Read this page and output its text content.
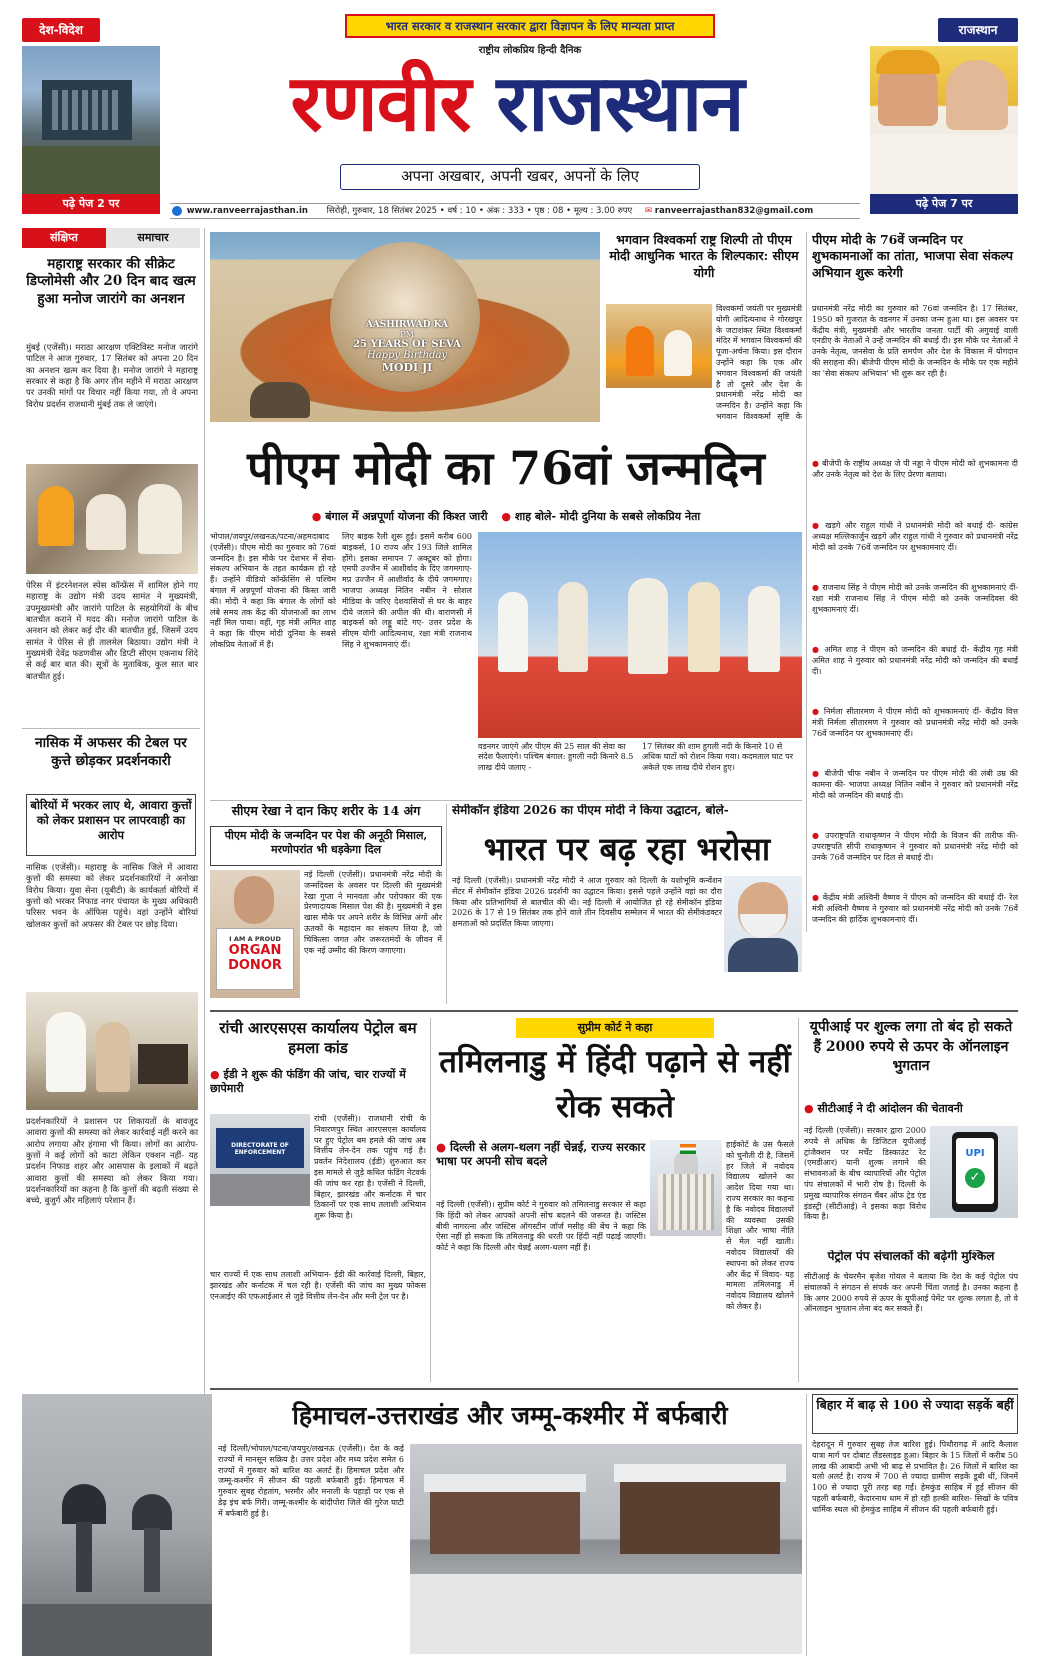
देश-विदेश
पढ़े पेज 2 पर
राजस्थान
पढ़े पेज 7 पर
भारत सरकार व राजस्थान सरकार द्वारा विज्ञापन के लिए मान्यता प्राप्त
राष्ट्रीय लोकप्रिय हिन्दी दैनिक
रणवीर राजस्थान
अपना अखबार, अपनी खबर, अपनों के लिए
www.ranveerrajasthan.in सिरोही, गुरुवार, 18 सितंबर 2025 • वर्ष : 10 • अंक : 333 • पृष्ठ : 08 • मूल्य : 3.00 रुपए ✉ ranveerrajasthan832@gmail.com
संक्षिप्त	समाचार
महाराष्ट्र सरकार की सीक्रेट डिप्लोमेसी और 20 दिन बाद खत्म हुआ मनोज जारांगे का अनशन
मुंबई (एजेंसी)। मराठा आरक्षण एक्टिविस्ट मनोज जारांगे पाटिल ने आज गुरुवार, 17 सितंबर को अपना 20 दिन का अनशन खत्म कर दिया है। मनोज जारांगे ने महाराष्ट्र सरकार से कहा है कि अगर तीन महीने में मराठा आरक्षण पर उनकी मांगों पर विचार नहीं किया गया, तो वे अपना विरोध प्रदर्शन राजधानी मुंबई तक ले जाएंगे।
पेरिस में इंटरनेशनल स्पेस कॉन्फ्रेंस में शामिल होने गए महाराष्ट्र के उद्योग मंत्री उदय सामंत ने मुख्यमंत्री, उपमुख्यमंत्री और जारांगे पाटिल के सहयोगियों के बीच बातचीत कराने में मदद की। मनोज जारांगे पाटिल के अनशन को लेकर कई दौर की बातचीत हुई, जिसमें उदय सामंत ने पेरिस से ही तालमेल बिठाया। उद्योग मंत्री ने मुख्यमंत्री देवेंद्र फडणवीस और डिप्टी सीएम एकनाथ शिंदे से कई बार बात की। सूत्रों के मुताबिक, कुल सात बार बातचीत हुई।
नासिक में अफसर की टेबल पर कुत्ते छोड़कर प्रदर्शनकारी
बोरियों में भरकर लाए थे, आवारा कुत्तों को लेकर प्रशासन पर लापरवाही का आरोप
नासिक (एजेंसी)। महाराष्ट्र के नासिक जिले में आवारा कुत्तों की समस्या को लेकर प्रदर्शनकारियों ने अनोखा विरोध किया। युवा सेना (यूबीटी) के कार्यकर्ता बोरियों में कुत्तों को भरकर निफाड नगर पंचायत के मुख्य अधिकारी परिसर भवन के ऑफिस पहुंचे। वहां उन्होंने बोरियां खोलकर कुत्तों को अफसर की टेबल पर छोड़ दिया।
प्रदर्शनकारियों ने प्रशासन पर शिकायतों के बावजूद आवारा कुत्तों की समस्या को लेकर कार्रवाई नहीं करने का आरोप लगाया और हंगामा भी किया। लोगों का आरोप- कुत्तों ने कई लोगों को काटा लेकिन एक्शन नहीं- यह प्रदर्शन निफाड शहर और आसपास के इलाकों में बढ़ते आवारा कुत्तों की समस्या को लेकर किया गया। प्रदर्शनकारियों का कहना है कि कुत्तों की बढ़ती संख्या से बच्चे, बुजुर्ग और महिलाएं परेशान हैं।
AASHIRWAD KA
PM
25 YEARS OF SEVA
Happy Birthday
MODI JI
भगवान विश्वकर्मा राष्ट्र शिल्पी तो पीएम मोदी आधुनिक भारत के शिल्पकार: सीएम योगी
विश्वकर्मा जयंती पर मुख्यमंत्री योगी आदित्यनाथ ने गोरखपुर के जटाशंकर स्थित विश्वकर्मा मंदिर में भगवान विश्वकर्मा की पूजा-अर्चना किया। इस दौरान उन्होंने कहा कि एक और भगवान विश्वकर्मा की जयंती है तो दूसरे और देश के प्रधानमंत्री नरेंद्र मोदी का जन्मदिन है। उन्होंने कहा कि भगवान विश्वकर्मा सृष्टि के
पीएम मोदी का 76वां जन्मदिन
● बंगाल में अन्नपूर्णा योजना की किश्त जारी ● शाह बोले- मोदी दुनिया के सबसे लोकप्रिय नेता
भोपाल/जयपुर/लखनऊ/पटना/अहमदाबाद (एजेंसी)। पीएम मोदी का गुरुवार को 76वां जन्मदिन है। इस मौके पर देशभर में सेवा-संकल्प अभियान के तहत कार्यक्रम हो रहे हैं। उन्होंने वीडियो कॉन्फ्रेंसिंग से पश्चिम बंगाल में अन्नपूर्णा योजना की किस्त जारी की। मोदी ने कहा कि बंगाल के लोगों को लंबे समय तक केंद्र की योजनाओं का लाभ नहीं मिल पाया। वहीं, गृह मंत्री अमित शाह ने कहा कि पीएम मोदी दुनिया के सबसे लोकप्रिय नेताओं में हैं।
लिए बाइक रैली शुरू हुई। इसमें करीब 600 बाइकर्स, 10 राज्य और 193 जिले शामिल होंगे। इसका समापन 7 अक्टूबर को होगा। एमपी उज्जैन में आशीर्वाद के दिए जगमगाए- मप्र उज्जैन में आशीर्वाद के दीये जगमगाए। भाजपा अध्यक्ष नितिन नबीन ने सोशल मीडिया के जरिए देशवासियों से घर के बाहर दीये जलाने की अपील की थी। वाराणसी में बाइकर्स को लड्डू बांटे गए- उत्तर प्रदेश के सीएम योगी आदित्यनाथ, रक्षा मंत्री राजनाथ सिंह ने शुभकामनाएं दीं।
वडनगर जाएंगे और पीएम की 25 साल की सेवा का संदेश फैलाएंगे। पश्चिम बंगाल: हुगली नदी किनारे 8.5 लाख दीये जलाए -
17 सितंबर की शाम हुगली नदी के किनारे 10 से अधिक घाटों को रोशन किया गया। कदमताल घाट पर अकेले एक लाख दीये रोशन हुए।
सीएम रेखा ने दान किए शरीर के 14 अंग
पीएम मोदी के जन्मदिन पर पेश की अनूठी मिसाल, मरणोपरांत भी धड़केगा दिल
I AM A PROUD
ORGAN
DONOR
नई दिल्ली (एजेंसी)। प्रधानमंत्री नरेंद्र मोदी के जन्मदिवस के अवसर पर दिल्ली की मुख्यमंत्री रेखा गुप्ता ने मानवता और परोपकार की एक प्रेरणादायक मिसाल पेश की है। मुख्यमंत्री ने इस खास मौके पर अपने शरीर के विभिन्न अंगों और ऊतकों के महादान का संकल्प लिया है, जो चिकित्सा जगत और जरूरतमंदों के जीवन में एक नई उम्मीद की किरण जगाएगा।
सेमीकॉन इंडिया 2026 का पीएम मोदी ने किया उद्घाटन, बोले-
भारत पर बढ़ रहा भरोसा
नई दिल्ली (एजेंसी)। प्रधानमंत्री नरेंद्र मोदी ने आज गुरुवार को दिल्ली के यशोभूमि कन्वेंशन सेंटर में सेमीकॉन इंडिया 2026 प्रदर्शनी का उद्घाटन किया। इससे पहले उन्होंने वहां का दौरा किया और प्रतिभागियों से बातचीत की थी। नई दिल्ली में आयोजित हो रहे सेमीकॉन इंडिया 2026 के 17 से 19 सितंबर तक होने वाले तीन दिवसीय सम्मेलन में भारत की सेमीकंडक्टर क्षमताओं को प्रदर्शित किया जाएगा।
पीएम मोदी के 76वें जन्मदिन पर शुभकामनाओं का तांता, भाजपा सेवा संकल्प अभियान शुरू करेगी
प्रधानमंत्री नरेंद्र मोदी का गुरुवार को 76वां जन्मदिन है। 17 सितंबर, 1950 को गुजरात के वडनगर में उनका जन्म हुआ था। इस अवसर पर केंद्रीय मंत्री, मुख्यमंत्री और भारतीय जनता पार्टी की अगुवाई वाली एनडीए के नेताओं ने उन्हें जन्मदिन की बधाई दी। इस मौके पर नेताओं ने उनके नेतृत्व, जनसेवा के प्रति समर्पण और देश के विकास में योगदान की सराहना की। बीजेपी पीएम मोदी के जन्मदिन के मौके पर एक महीने का 'सेवा संकल्प अभियान' भी शुरू कर रही है।
● बीजेपी के राष्ट्रीय अध्यक्ष जे पी नड्डा ने पीएम मोदी को शुभकामना दी और उनके नेतृत्व को देश के लिए प्रेरणा बताया।
● खड़गे और राहुल गांधी ने प्रधानमंत्री मोदी को बधाई दी- कांग्रेस अध्यक्ष मल्लिकार्जुन खड़गे और राहुल गांधी ने गुरुवार को प्रधानमंत्री नरेंद्र मोदी को उनके 76वें जन्मदिन पर शुभकामनाएं दीं।
● राजनाथ सिंह ने पीएम मोदी को उनके जन्मदिन की शुभकामनाएं दीं- रक्षा मंत्री राजनाथ सिंह ने पीएम मोदी को उनके जन्मदिवस की शुभकामनाएं दीं।
● अमित शाह ने पीएम को जन्मदिन की बधाई दी- केंद्रीय गृह मंत्री अमित शाह ने गुरुवार को प्रधानमंत्री नरेंद्र मोदी को जन्मदिन की बधाई दी।
● निर्मला सीतारमण ने पीएम मोदी को शुभकामनाएं दीं- केंद्रीय वित्त मंत्री निर्मला सीतारमण ने गुरुवार को प्रधानमंत्री नरेंद्र मोदी को उनके 76वें जन्मदिन पर शुभकामनाएं दीं।
● बीजेपी चीफ नबीन ने जन्मदिन पर पीएम मोदी की लंबी उम्र की कामना की- भाजपा अध्यक्ष नितिन नबीन ने गुरुवार को प्रधानमंत्री नरेंद्र मोदी को जन्मदिन की बधाई दी।
● उपराष्ट्रपति राधाकृष्णन ने पीएम मोदी के विजन की तारीफ की- उपराष्ट्रपति सीपी राधाकृष्णन ने गुरुवार को प्रधानमंत्री नरेंद्र मोदी को उनके 76वें जन्मदिन पर दिल से बधाई दी।
● केंद्रीय मंत्री अश्विनी वैष्णव ने पीएम को जन्मदिन की बधाई दी- रेल मंत्री अश्विनी वैष्णव ने गुरुवार को प्रधानमंत्री नरेंद्र मोदी को उनके 76वें जन्मदिन की हार्दिक शुभकामनाएं दीं।
रांची आरएसएस कार्यालय पेट्रोल बम हमला कांड
● ईडी ने शुरू की फंडिंग की जांच, चार राज्यों में छापेमारी
DIRECTORATE OF ENFORCEMENT
रांची (एजेंसी)। राजधानी रांची के निवारणपुर स्थित आरएसएस कार्यालय पर हुए पेट्रोल बम हमले की जांच अब वित्तीय लेन-देन तक पहुंच गई है। प्रवर्तन निदेशालय (ईडी) शुरुआत कर इस मामले से जुड़े कथित फंडिंग नेटवर्क की जांच कर रहा है। एजेंसी ने दिल्ली, बिहार, झारखंड और कर्नाटक में चार ठिकानों पर एक साथ तलाशी अभियान शुरू किया है।
चार राज्यों में एक साथ तलाशी अभियान- ईडी की कार्रवाई दिल्ली, बिहार, झारखंड और कर्नाटक में चल रही है। एजेंसी की जांच का मुख्य फोकस एनआईए की एफआईआर से जुड़े वित्तीय लेन-देन और मनी ट्रेल पर है।
सुप्रीम कोर्ट ने कहा
तमिलनाडु में हिंदी पढ़ाने से नहीं रोक सकते
● दिल्ली से अलग-थलग नहीं चेन्नई, राज्य सरकार भाषा पर अपनी सोच बदले
नई दिल्ली (एजेंसी)। सुप्रीम कोर्ट ने गुरुवार को तमिलनाडु सरकार से कहा कि हिंदी को लेकर आपको अपनी सोच बदलने की जरूरत है। जस्टिस बीवी नागरत्ना और जस्टिस ऑगस्टीन जॉर्ज मसीह की बेंच ने कहा कि ऐसा नहीं हो सकता कि तमिलनाडु की धरती पर हिंदी नहीं पढ़ाई जाएगी। कोर्ट ने कहा कि दिल्ली और चेन्नई अलग-थलग नहीं हैं।
हाईकोर्ट के उस फैसले को चुनौती दी है, जिसमें हर जिले में नवोदय विद्यालय खोलने का आदेश दिया गया था। राज्य सरकार का कहना है कि नवोदय विद्यालयों की व्यवस्था उसकी शिक्षा और भाषा नीति से मेल नहीं खाती। नवोदय विद्यालयों की स्थापना को लेकर राज्य और केंद्र में विवाद- यह मामला तमिलनाडु में नवोदय विद्यालय खोलने को लेकर है।
यूपीआई पर शुल्क लगा तो बंद हो सकते हैं 2000 रुपये से ऊपर के ऑनलाइन भुगतान
● सीटीआई ने दी आंदोलन की चेतावनी
UPI
✓
नई दिल्ली (एजेंसी)। सरकार द्वारा 2000 रुपये से अधिक के डिजिटल यूपीआई ट्रांजैक्शन पर मर्चेंट डिस्काउंट रेट (एमडीआर) यानी शुल्क लगाने की संभावनाओं के बीच व्यापारियों और पेट्रोल पंप संचालकों में भारी रोष है। दिल्ली के प्रमुख व्यापारिक संगठन चैंबर ऑफ ट्रेड एंड इंडस्ट्री (सीटीआई) ने इसका कड़ा विरोध किया है।
पेट्रोल पंप संचालकों की बढ़ेगी मुश्किल
सीटीआई के चेयरमैन बृजेश गोयल ने बताया कि देश के कई पेट्रोल पंप संचालकों ने संगठन से संपर्क कर अपनी चिंता जताई है। उनका कहना है कि अगर 2000 रुपये से ऊपर के यूपीआई पेमेंट पर शुल्क लगता है, तो वे ऑनलाइन भुगतान लेना बंद कर सकते हैं।
हिमाचल-उत्तराखंड और जम्मू-कश्मीर में बर्फबारी
नई दिल्ली/भोपाल/पटना/जयपुर/लखनऊ (एजेंसी)। देश के कई राज्यों में मानसून सक्रिय है। उत्तर प्रदेश और मध्य प्रदेश समेत 6 राज्यों में गुरुवार को बारिश का अलर्ट है। हिमाचल प्रदेश और जम्मू-कश्मीर में सीजन की पहली बर्फबारी हुई। हिमाचल में गुरुवार सुबह रोहतांग, भरमौर और मनाली के पहाड़ों पर एक से डेढ़ इंच बर्फ गिरी। जम्मू-कश्मीर के बांदीपोरा जिले की गुरेज घाटी में बर्फबारी हुई है।
बिहार में बाढ़ से 100 से ज्यादा सड़कें बहीं
देहरादून में गुरुवार सुबह तेज बारिश हुई। पिथौरागढ़ में आदि कैलाश यात्रा मार्ग पर दोबाट लैंडस्लाइड हुआ। बिहार के 15 जिलों में करीब 50 लाख की आबादी अभी भी बाढ़ से प्रभावित है। 26 जिलों में बारिश का यलो अलर्ट है। राज्य में 700 से ज्यादा ग्रामीण सड़कें डूबी थीं, जिनमें 100 से ज्यादा पूरी तरह बह गईं। हेमकुंड साहिब में हुई सीजन की पहली बर्फबारी, केदारनाथ धाम में हो रही हल्की बारिश- सिखों के पवित्र धार्मिक स्थल श्री हेमकुंड साहिब में सीजन की पहली बर्फबारी हुई।
